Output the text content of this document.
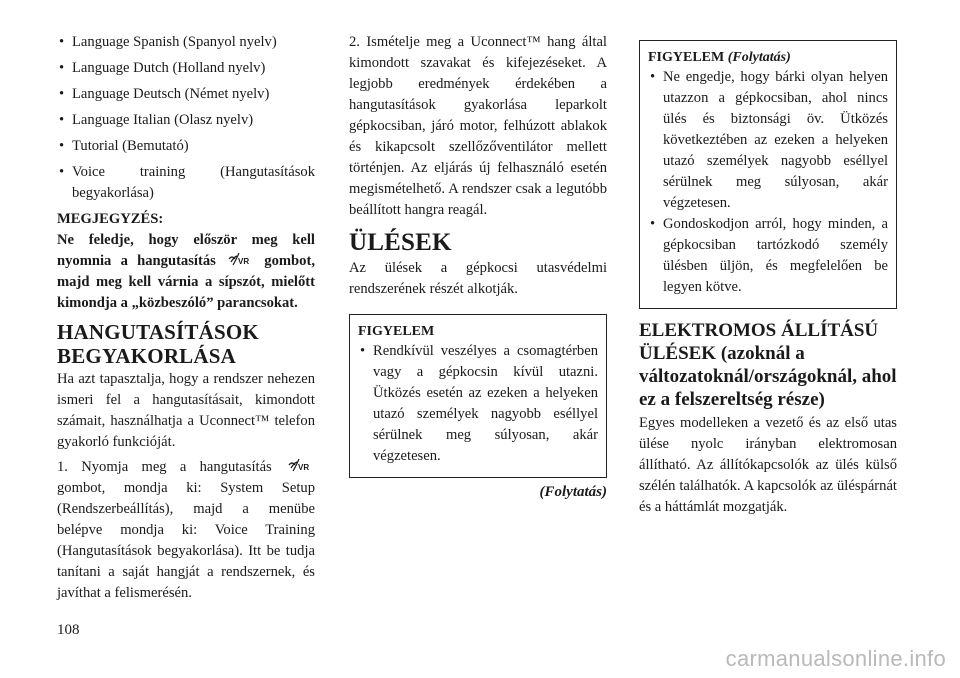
• Language Spanish (Spanyol nyelv)
• Language Dutch (Holland nyelv)
• Language Deutsch (Német nyelv)
• Language Italian (Olasz nyelv)
• Tutorial (Bemutató)
• Voice training (Hangutasítások begyakorlása)
MEGJEGYZÉS:

Ne feledje, hogy először meg kell nyomnia a hangutasítás	VR gombot, majd meg kell várnia a sípszót, mielőtt kimondja a „közbeszóló” parancsokat.

HANGUTASÍTÁSOK BEGYAKORLÁSA

Ha azt tapasztalja, hogy a rendszer nehezen ismeri fel a hangutasításait, kimondott számait, használhatja a Uconnect™ telefon gyakorló funkcióját.

1. Nyomja meg a hangutasítás	VR
gombot, mondja ki: System Setup (Rendszerbeállítás), majd a menübe belépve mondja ki: Voice Training (Hangutasítások begyakorlása). Itt be tudja tanítani a saját hangját a rendszernek, és javíthat a felismerésén.

2. Ismételje meg a Uconnect™ hang által kimondott szavakat és kifejezéseket. A legjobb eredmények érdekében a hangutasítások gyakorlása leparkolt gépkocsiban, járó motor, felhúzott ablakok és kikapcsolt szellőzőventilátor mellett történjen. Az eljárás új felhasználó esetén megismételhető. A rendszer csak a legutóbb beállított hangra reagál.

ÜLÉSEK

Az ülések a gépkocsi utasvédelmi rendszerének részét alkotják.

FIGYELEM
• Rendkívül veszélyes a csomagtérben vagy a gépkocsin kívül utazni. Ütközés esetén az ezeken a helyeken utazó személyek nagyobb eséllyel sérülnek meg súlyosan, akár végzetesen.
(Folytatás)
FIGYELEM (Folytatás)
• Ne engedje, hogy bárki olyan helyen utazzon a gépkocsiban, ahol nincs ülés és biztonsági öv. Ütközés következtében az ezeken a helyeken utazó személyek nagyobb eséllyel sérülnek meg súlyosan, akár végzetesen.
• Gondoskodjon arról, hogy minden, a gépkocsiban tartózkodó személy ülésben üljön, és megfelelően be legyen kötve.
ELEKTROMOS ÁLLÍTÁSÚ ÜLÉSEK (azoknál a változatoknál/országoknál, ahol ez a felszereltség része)

Egyes modelleken a vezető és az első utas ülése nyolc irányban elektromosan állítható. Az állítókapcsolók az ülés külső szélén találhatók. A kapcsolók az üléspárnát és a háttámlát mozgatják.

108
carmanualsonline.info
